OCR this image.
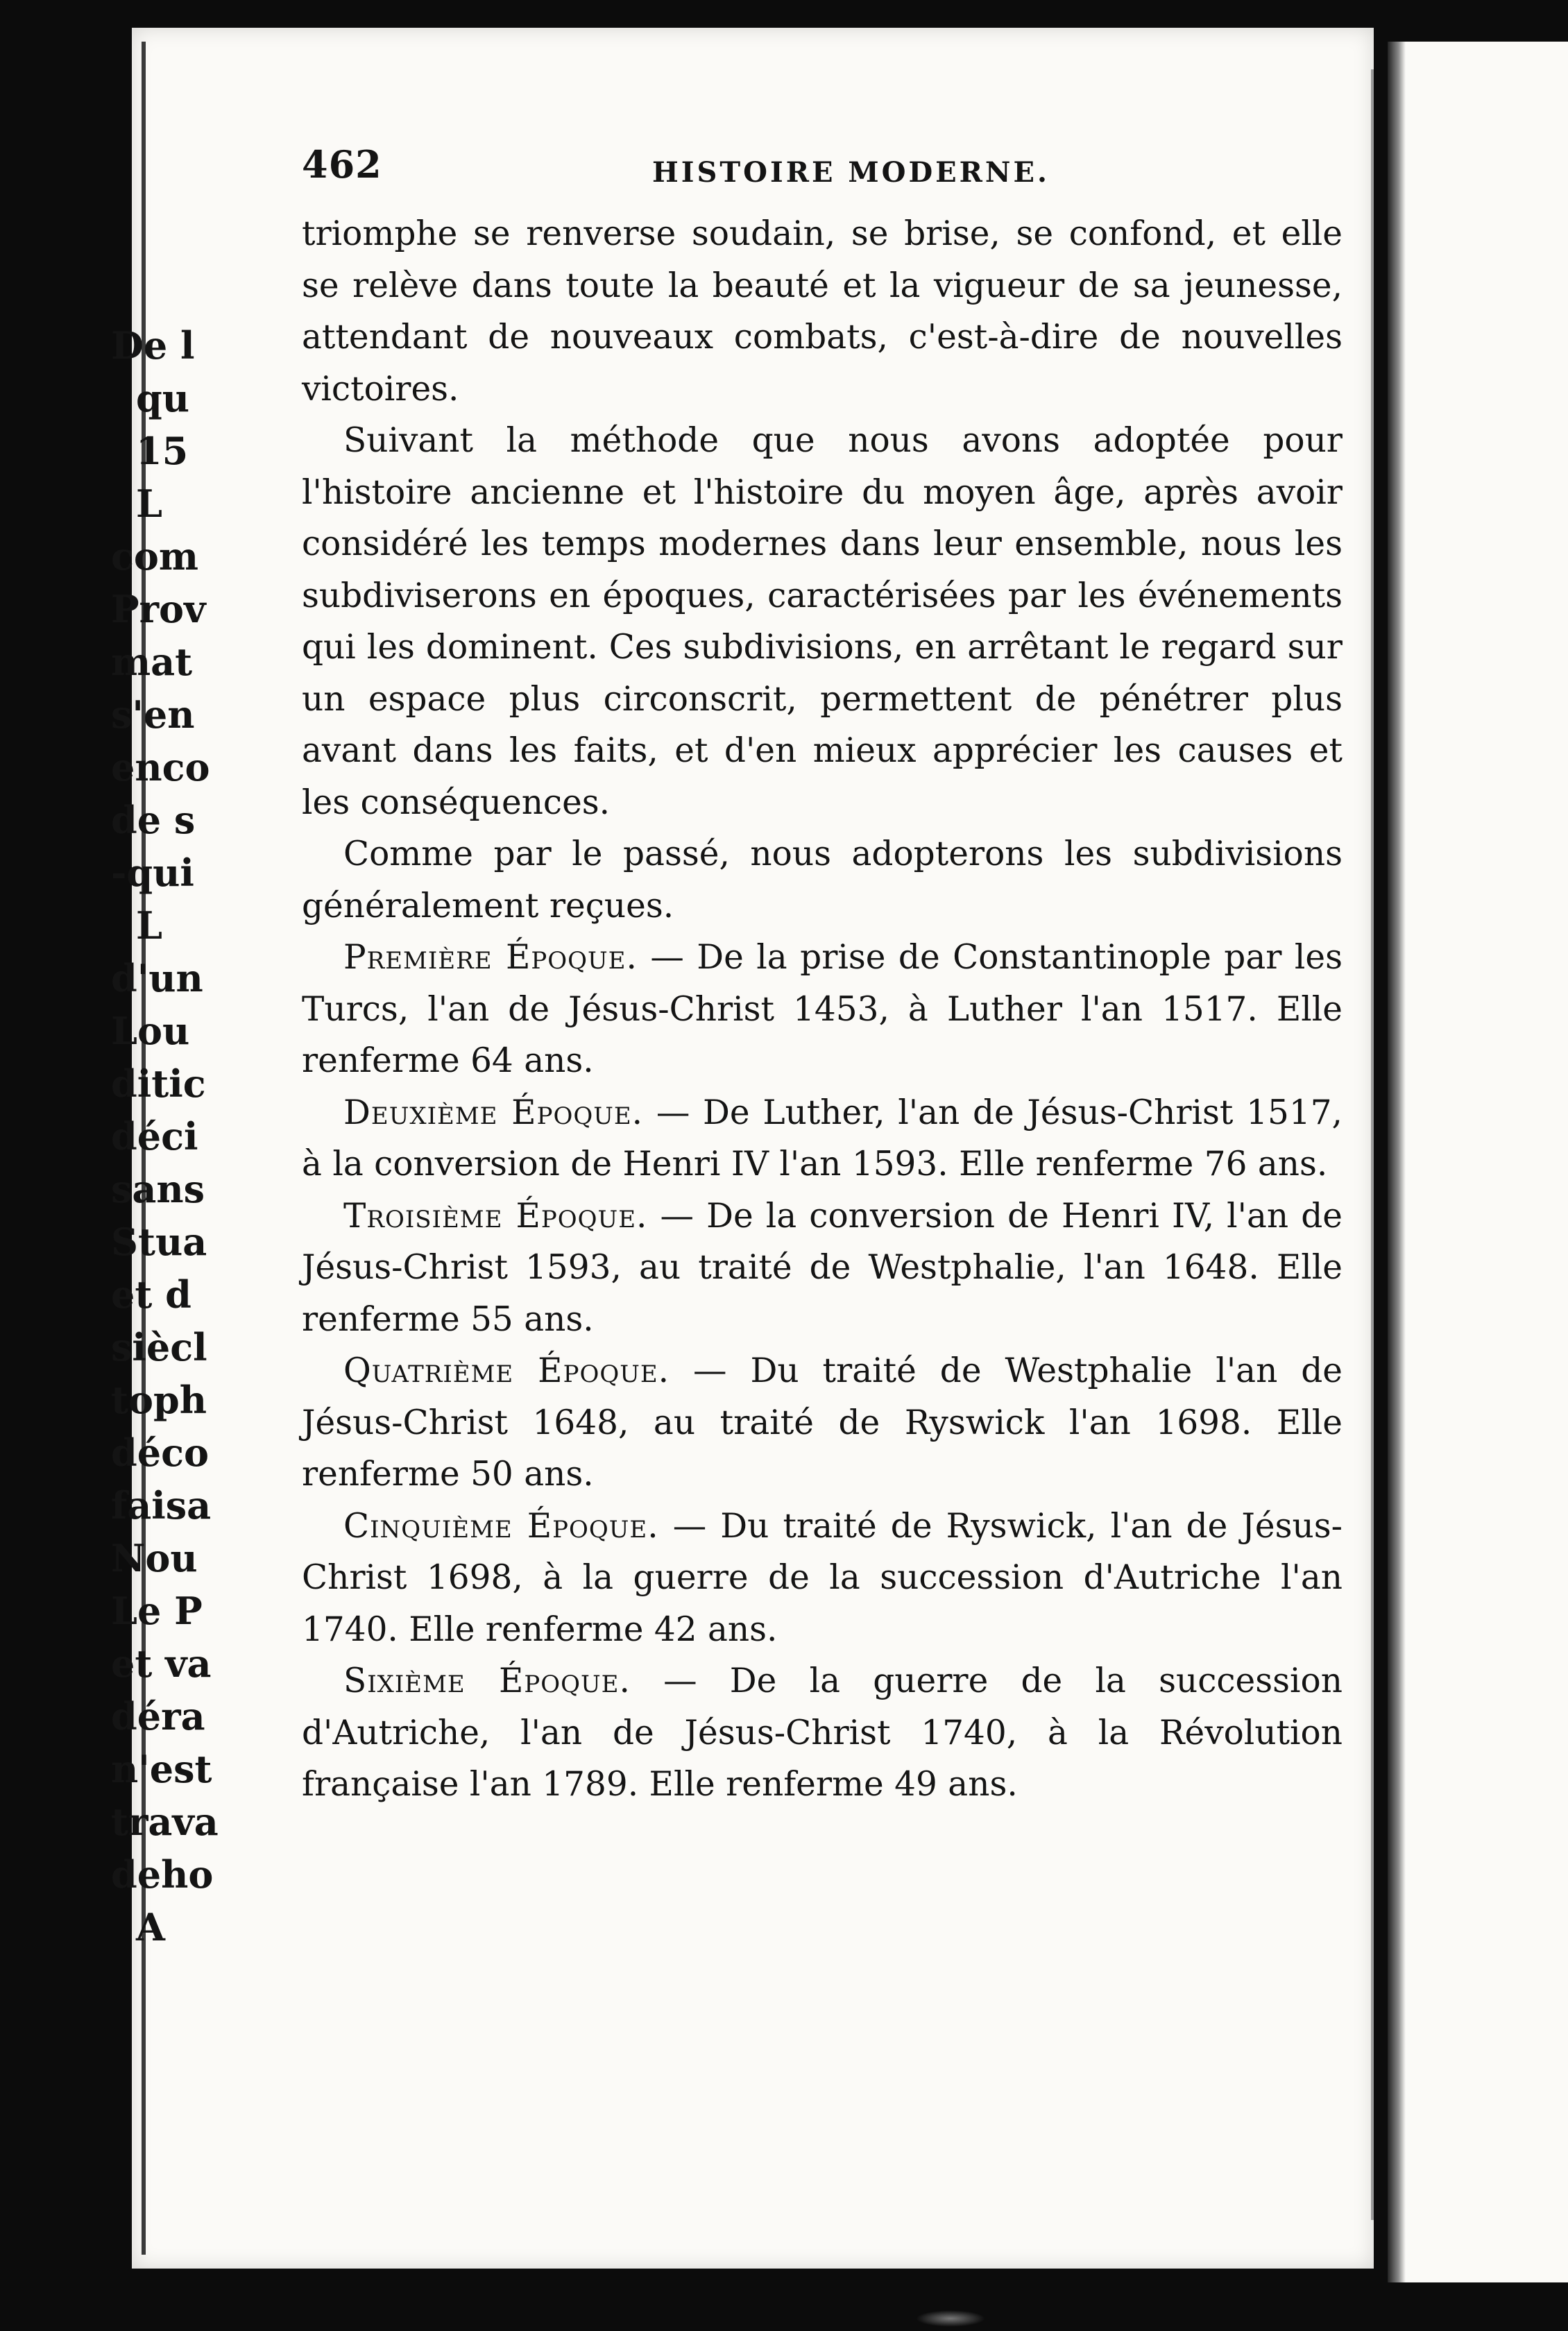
462	HISTOIRE MODERNE.

triomphe se renverse soudain, se brise, se confond, et elle se relève dans toute la beauté et la vigueur de sa jeunesse, attendant de nouveaux combats, c'est-à-dire de nouvelles victoires.

Suivant la méthode que nous avons adoptée pour l'histoire ancienne et l'histoire du moyen âge, après avoir considéré les temps modernes dans leur ensemble, nous les subdiviserons en époques, caractérisées par les événements qui les dominent. Ces subdivisions, en arrêtant le regard sur un espace plus circonscrit, permettent de pénétrer plus avant dans les faits, et d'en mieux apprécier les causes et les conséquences.

Comme par le passé, nous adopterons les subdivisions généralement reçues.

Première Époque. — De la prise de Constantinople par les Turcs, l'an de Jésus-Christ 1453, à Luther l'an 1517. Elle renferme 64 ans.

Deuxième Époque. — De Luther, l'an de Jésus-Christ 1517, à la conversion de Henri IV l'an 1593. Elle renferme 76 ans.

Troisième Époque. — De la conversion de Henri IV, l'an de Jésus-Christ 1593, au traité de Westphalie, l'an 1648. Elle renferme 55 ans.

Quatrième Époque. — Du traité de Westphalie l'an de Jésus-Christ 1648, au traité de Ryswick l'an 1698. Elle renferme 50 ans.

Cinquième Époque. — Du traité de Ryswick, l'an de Jésus-Christ 1698, à la guerre de la succession d'Autriche l'an 1740. Elle renferme 42 ans.

Sixième Époque. — De la guerre de la succession d'Autriche, l'an de Jésus-Christ 1740, à la Révolution française l'an 1789. Elle renferme 49 ans.

De l
qu
15
L
com
Prov
mat
s'en
enco
de s
-qui
L
d'un
Lou
ditic
déci
sans
Stua
et d
siècl
toph
déco
faisa
Nou
Le P
et va
déra
n'est
trava
deho
A
